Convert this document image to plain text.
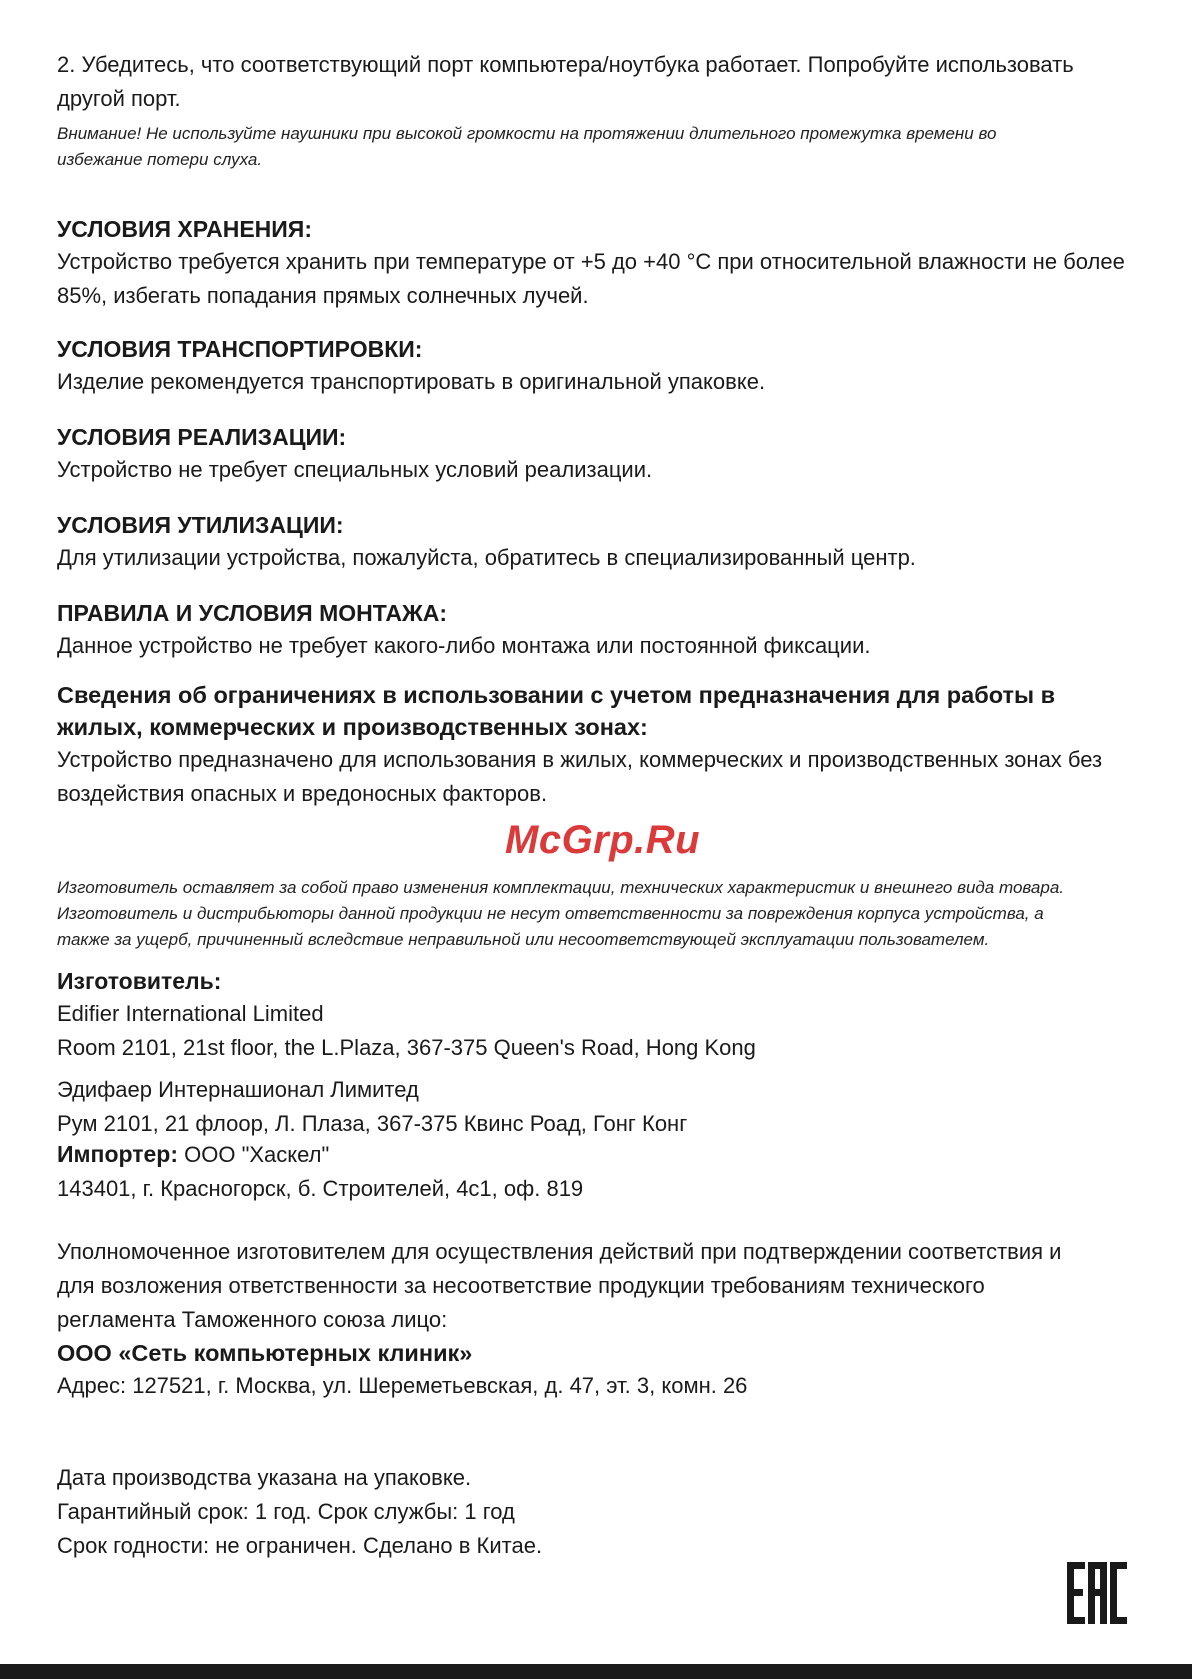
2. Убедитесь, что соответствующий порт компьютера/ноутбука работает. Попробуйте использовать

другой порт.

Внимание! Не используйте наушники при высокой громкости на протяжении длительного промежутка времени во

избежание потери слуха.

УСЛОВИЯ ХРАНЕНИЯ:

Устройство требуется хранить при температуре от +5 до +40 °C при относительной влажности не более

85%, избегать попадания прямых солнечных лучей.

УСЛОВИЯ ТРАНСПОРТИРОВКИ:

Изделие рекомендуется транспортировать в оригинальной упаковке.

УСЛОВИЯ РЕАЛИЗАЦИИ:

Устройство не требует специальных условий реализации.

УСЛОВИЯ УТИЛИЗАЦИИ:

Для утилизации устройства, пожалуйста, обратитесь в специализированный центр.

ПРАВИЛА И УСЛОВИЯ МОНТАЖА:

Данное устройство не требует какого-либо монтажа или постоянной фиксации.

Сведения об ограничениях в использовании с учетом предназначения для работы в

жилых, коммерческих и производственных зонах:

Устройство предназначено для использования в жилых, коммерческих и производственных зонах без

воздействия опасных и вредоносных факторов.

Изготовитель оставляет за собой право изменения комплектации, технических характеристик и внешнего вида товара.

Изготовитель и дистрибьюторы данной продукции не несут ответственности за повреждения корпуса устройства, а

также за ущерб, причиненный вследствие неправильной или несоответствующей эксплуатации пользователем.

Изготовитель:

Edifier International Limited

Room 2101, 21st floor, the L.Plaza, 367-375 Queen's Road, Hong Kong

Эдифаер Интернашионал Лимитед

Рум 2101, 21 флоор, Л. Плаза, 367-375 Квинс Роад, Гонг Конг

Импортер: ООО "Хаскел"

143401, г. Красногорск, б. Строителей, 4с1, оф. 819

Уполномоченное изготовителем для осуществления действий при подтверждении соответствия и

для возложения ответственности за несоответствие продукции требованиям технического

регламента Таможенного союза лицо:

ООО «Сеть компьютерных клиник»

Адрес: 127521, г. Москва, ул. Шереметьевская, д. 47, эт. 3, комн. 26

Дата производства указана на упаковке.

Гарантийный срок: 1 год. Срок службы: 1 год

Срок годности: не ограничен. Сделано в Китае.

McGrp.Ru
